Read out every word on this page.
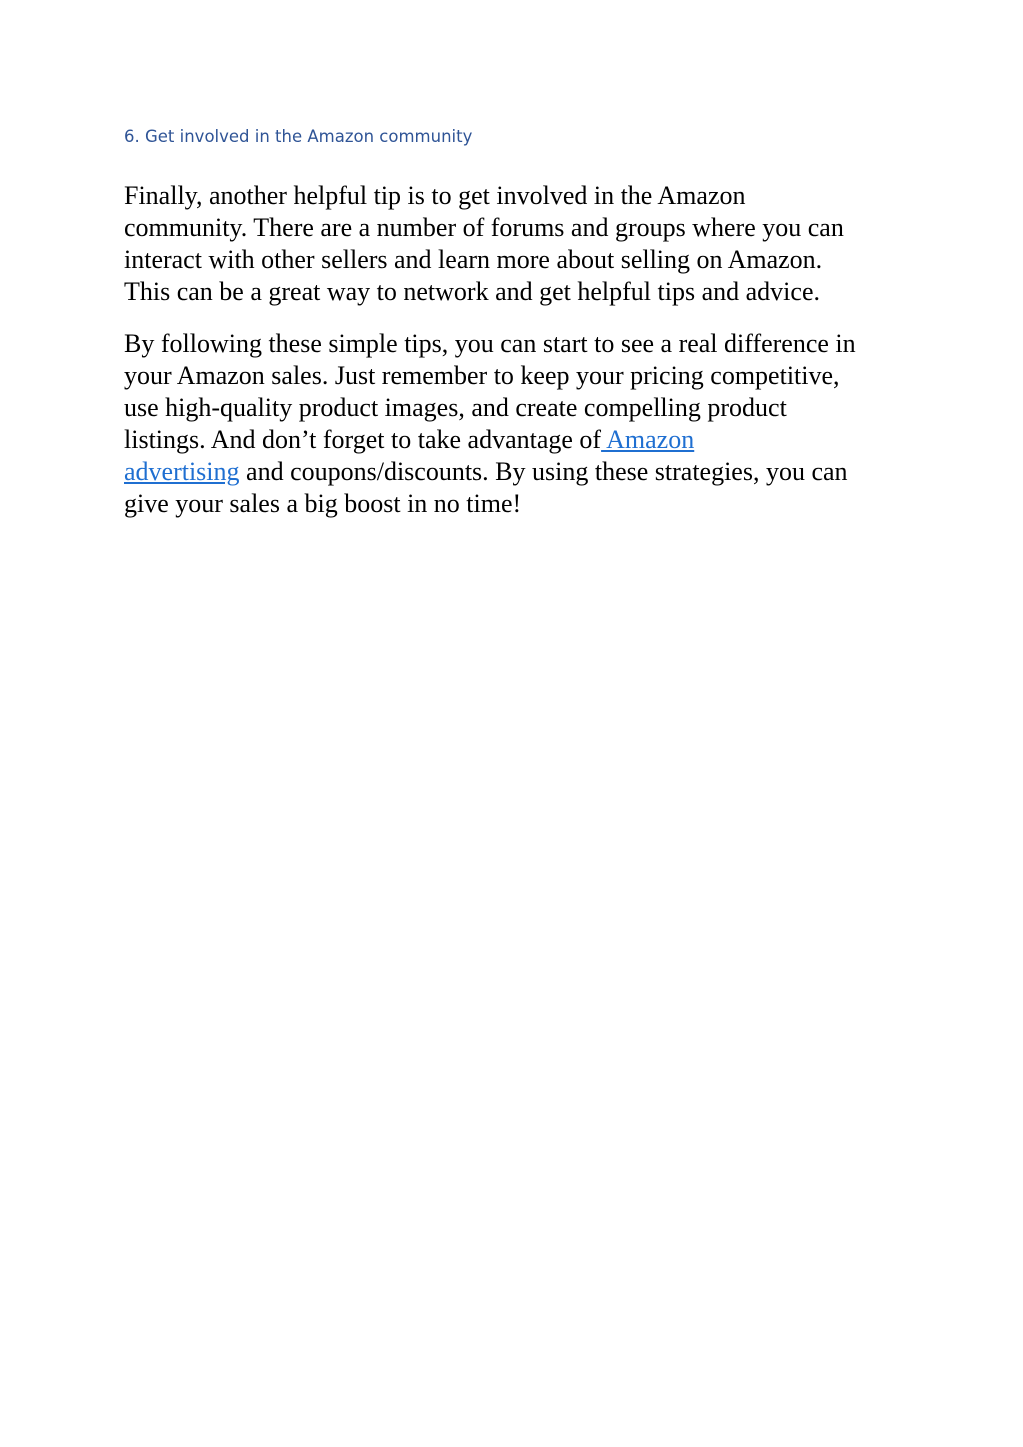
6. Get involved in the Amazon community

Finally, another helpful tip is to get involved in the Amazon
community. There are a number of forums and groups where you can
interact with other sellers and learn more about selling on Amazon.
This can be a great way to network and get helpful tips and advice.

By following these simple tips, you can start to see a real difference in
your Amazon sales. Just remember to keep your pricing competitive,
use high-quality product images, and create compelling product
listings. And don’t forget to take advantage of Amazon
advertising and coupons/discounts. By using these strategies, you can
give your sales a big boost in no time!
